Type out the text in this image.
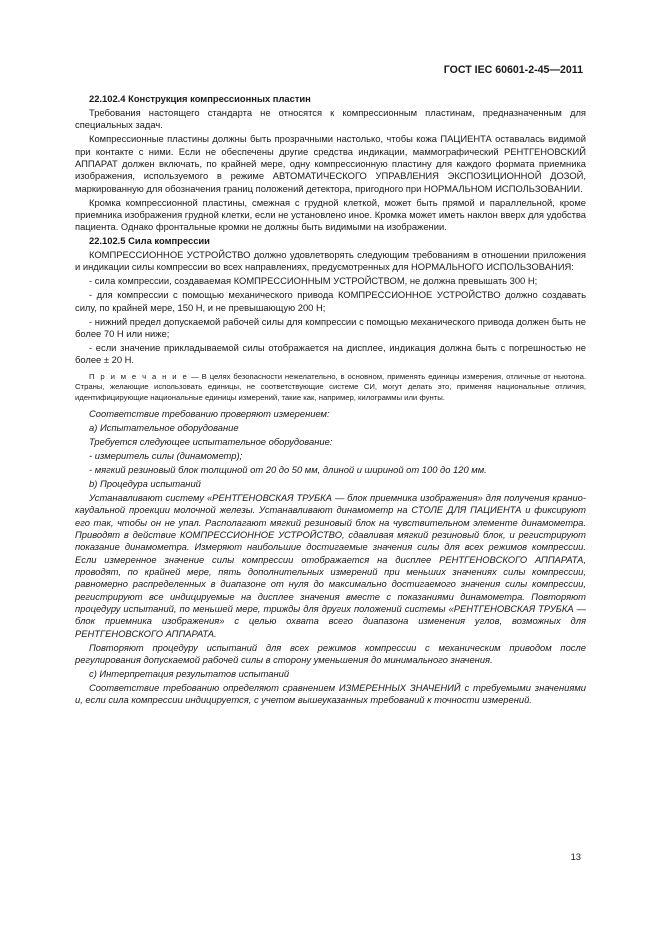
ГОСТ IEC 60601-2-45—2011
22.102.4 Конструкция компрессионных пластин

Требования настоящего стандарта не относятся к компрессионным пластинам, предназначенным для специальных задач.

Компрессионные пластины должны быть прозрачными настолько, чтобы кожа ПАЦИЕНТА оставалась видимой при контакте с ними. Если не обеспечены другие средства индикации, маммографический РЕНТГЕНОВСКИЙ АППАРАТ должен включать, по крайней мере, одну компрессионную пластину для каждого формата приемника изображения, используемого в режиме АВТОМАТИЧЕСКОГО УПРАВЛЕНИЯ ЭКСПОЗИЦИОННОЙ ДОЗОЙ, маркированную для обозначения границ положений детектора, пригодного при НОРМАЛЬНОМ ИСПОЛЬЗОВАНИИ.

Кромка компрессионной пластины, смежная с грудной клеткой, может быть прямой и параллельной, кроме приемника изображения грудной клетки, если не установлено иное. Кромка может иметь наклон вверх для удобства пациента. Однако фронтальные кромки не должны быть видимыми на изображении.

22.102.5 Сила компрессии

КОМПРЕССИОННОЕ УСТРОЙСТВО должно удовлетворять следующим требованиям в отношении приложения и индикации силы компрессии во всех направлениях, предусмотренных для НОРМАЛЬНОГО ИСПОЛЬЗОВАНИЯ:

- сила компрессии, создаваемая КОМПРЕССИОННЫМ УСТРОЙСТВОМ, не должна превышать 300 Н;

- для компрессии с помощью механического привода КОМПРЕССИОННОЕ УСТРОЙСТВО должно создавать силу, по крайней мере, 150 Н, и не превышающую 200 Н;

- нижний предел допускаемой рабочей силы для компрессии с помощью механического привода должен быть не более 70 Н или ниже;

- если значение прикладываемой силы отображается на дисплее, индикация должна быть с погрешностью не более ± 20 Н.

П р и м е ч а н и е — В целях безопасности нежелательно, в основном, применять единицы измерения, отличные от ньютона. Страны, желающие использовать единицы, не соответствующие системе СИ, могут делать это, применяя национальные отличия, идентифицирующие национальные единицы измерений, такие как, например, килограммы или фунты.

Соответствие требованию проверяют измерением:

a) Испытательное оборудование

Требуется следующее испытательное оборудование:

- измеритель силы (динамометр);

- мягкий резиновый блок толщиной от 20 до 50 мм, длиной и шириной от 100 до 120 мм.

b) Процедура испытаний

Устанавливают систему «РЕНТГЕНОВСКАЯ ТРУБКА — блок приемника изображения» для получения кранио-каудальной проекции молочной железы. Устанавливают динамометр на СТОЛЕ ДЛЯ ПАЦИЕНТА и фиксируют его так, чтобы он не упал. Располагают мягкий резиновый блок на чувствительном элементе динамометра. Приводят в действие КОМПРЕССИОННОЕ УСТРОЙСТВО, сдавливая мягкий резиновый блок, и регистрируют показание динамометра. Измеряют наибольшие достигаемые значения силы для всех режимов компрессии. Если измеренное значение силы компрессии отображается на дисплее РЕНТГЕНОВСКОГО АППАРАТА, проводят, по крайней мере, пять дополнительных измерений при меньших значениях силы компрессии, равномерно распределенных в диапазоне от нуля до максимально достигаемого значения силы компрессии, регистрируют все индицируемые на дисплее значения вместе с показаниями динамометра. Повторяют процедуру испытаний, по меньшей мере, трижды для других положений системы «РЕНТГЕНОВСКАЯ ТРУБКА — блок приемника изображения» с целью охвата всего диапазона изменения углов, возможных для РЕНТГЕНОВСКОГО АППАРАТА.

Повторяют процедуру испытаний для всех режимов компрессии с механическим приводом после регулирования допускаемой рабочей силы в сторону уменьшения до минимального значения.

c) Интерпретация результатов испытаний

Соответствие требованию определяют сравнением ИЗМЕРЕННЫХ ЗНАЧЕНИЙ с требуемыми значениями и, если сила компрессии индицируется, с учетом вышеуказанных требований к точности измерений.

13
